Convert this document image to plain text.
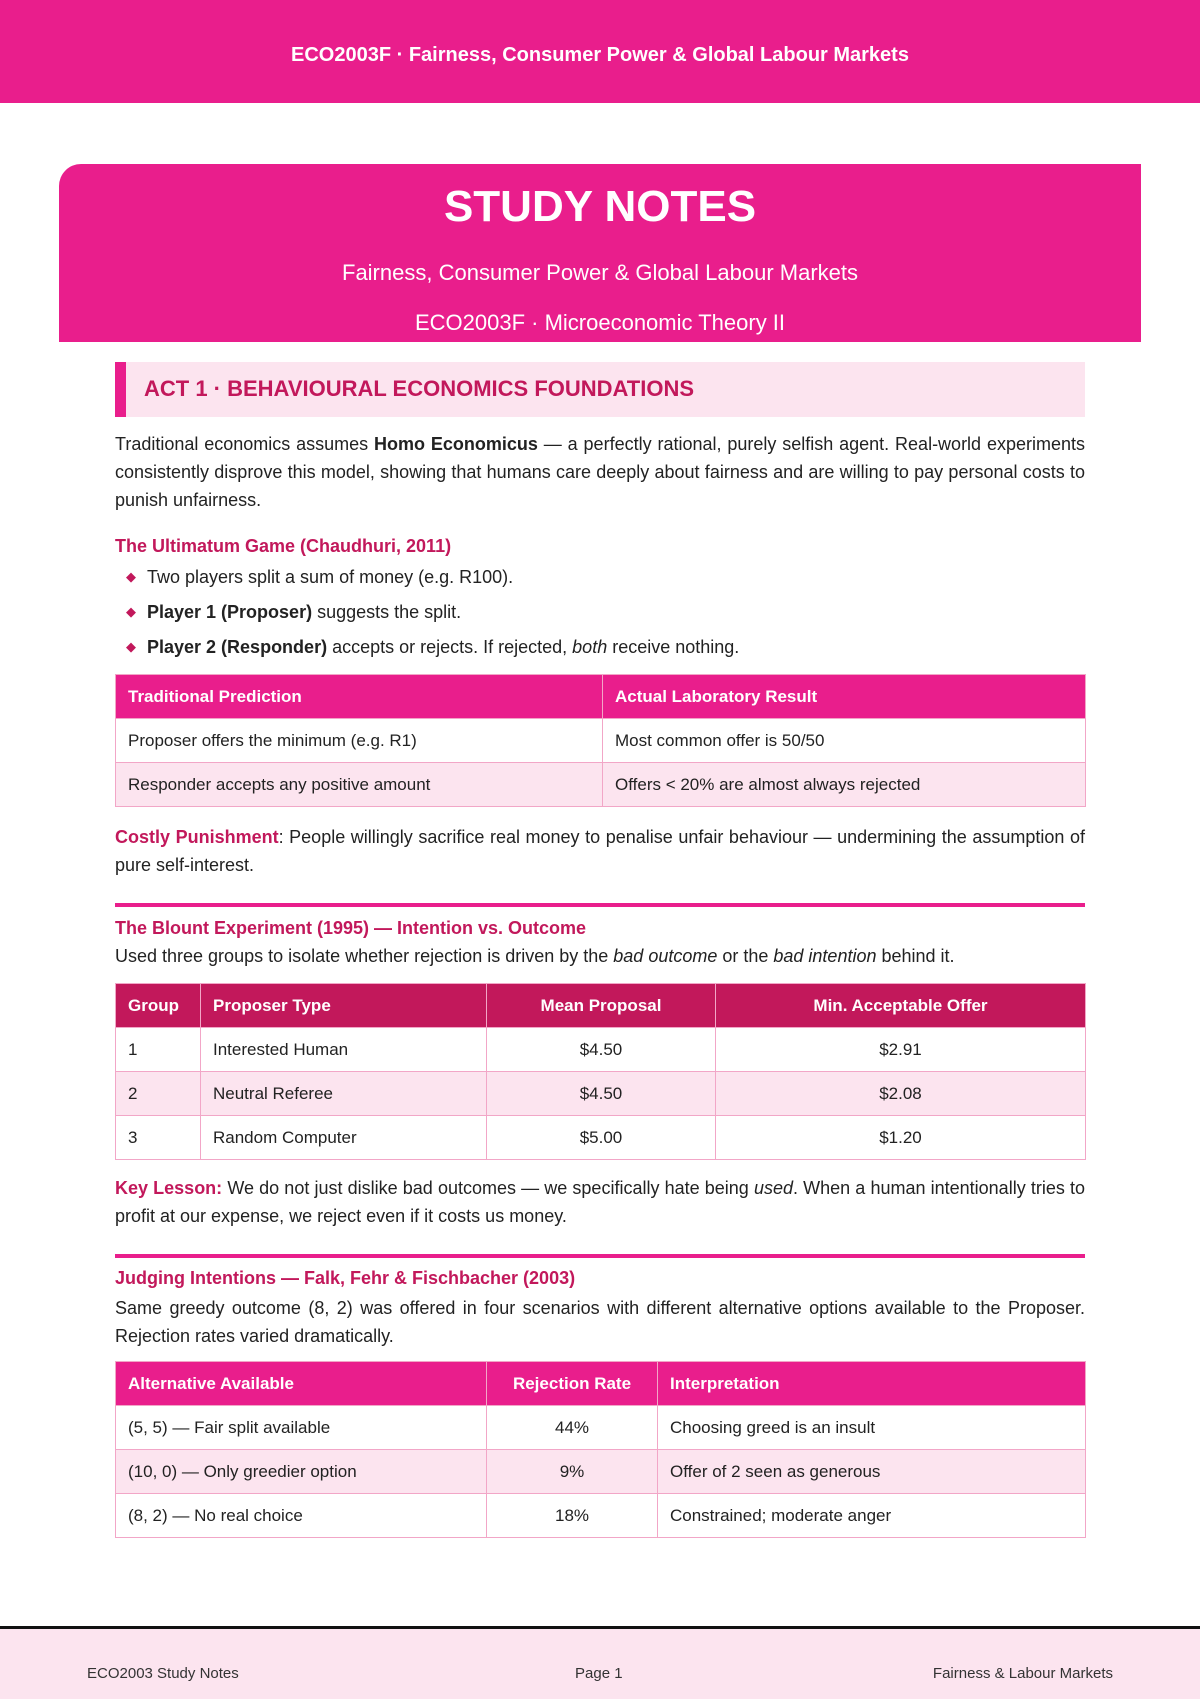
ECO2003F · Fairness, Consumer Power & Global Labour Markets
STUDY NOTES
Fairness, Consumer Power & Global Labour Markets
ECO2003F · Microeconomic Theory II
ACT 1 · BEHAVIOURAL ECONOMICS FOUNDATIONS
Traditional economics assumes Homo Economicus — a perfectly rational, purely selfish agent. Real-world experiments consistently disprove this model, showing that humans care deeply about fairness and are willing to pay personal costs to punish unfairness.
The Ultimatum Game (Chaudhuri, 2011)
◆ Two players split a sum of money (e.g. R100).
◆ Player 1 (Proposer) suggests the split.
◆ Player 2 (Responder) accepts or rejects. If rejected, both receive nothing.
Traditional Prediction	Actual Laboratory Result
Proposer offers the minimum (e.g. R1)	Most common offer is 50/50
Responder accepts any positive amount	Offers < 20% are almost always rejected
Costly Punishment: People willingly sacrifice real money to penalise unfair behaviour — undermining the assumption of pure self-interest.
The Blount Experiment (1995) — Intention vs. Outcome
Used three groups to isolate whether rejection is driven by the bad outcome or the bad intention behind it.
Group	Proposer Type	Mean Proposal	Min. Acceptable Offer
1	Interested Human	$4.50	$2.91
2	Neutral Referee	$4.50	$2.08
3	Random Computer	$5.00	$1.20
Key Lesson: We do not just dislike bad outcomes — we specifically hate being used. When a human intentionally tries to profit at our expense, we reject even if it costs us money.
Judging Intentions — Falk, Fehr & Fischbacher (2003)
Same greedy outcome (8, 2) was offered in four scenarios with different alternative options available to the Proposer. Rejection rates varied dramatically.
Alternative Available	Rejection Rate	Interpretation
(5, 5) — Fair split available	44%	Choosing greed is an insult
(10, 0) — Only greedier option	9%	Offer of 2 seen as generous
(8, 2) — No real choice	18%	Constrained; moderate anger
ECO2003 Study Notes	Page 1	Fairness & Labour Markets
